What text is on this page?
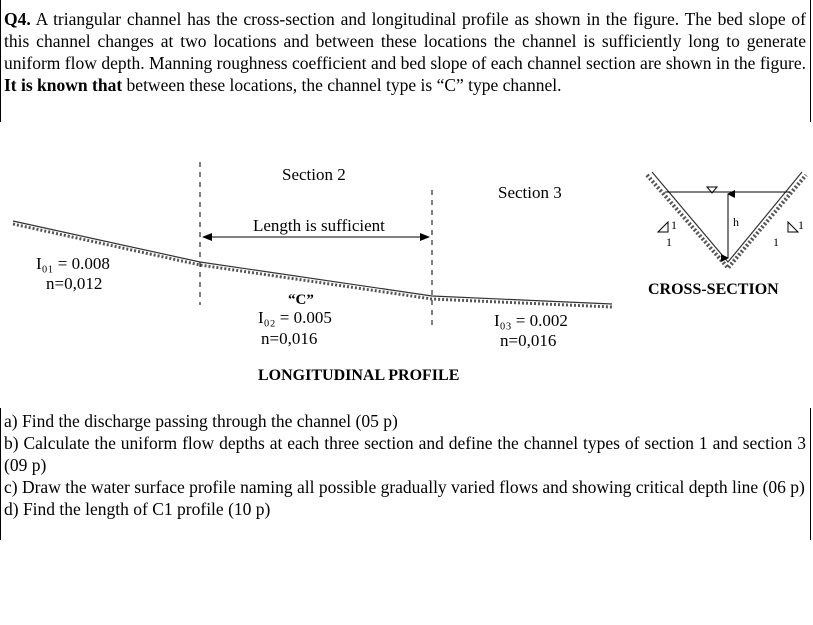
Q4. A triangular channel has the cross-section and longitudinal profile as shown in the figure. The bed slope of this channel changes at two locations and between these locations the channel is sufficiently long to generate uniform flow depth. Manning roughness coefficient and bed slope of each channel section are shown in the figure. It is known that between these locations, the channel type is “C” type channel.
Section 2
Section 3
Length is sufficient
I₀₁ = 0.008
n=0,012
“C”
I₀₂ = 0.005
n=0,016
I₀₃ = 0.002
n=0,016
LONGITUDINAL PROFILE
1
1
h	1
1
CROSS-SECTION
a) Find the discharge passing through the channel (05 p)
b) Calculate the uniform flow depths at each three section and define the channel types of section 1 and section 3 (09 p)
c) Draw the water surface profile naming all possible gradually varied flows and showing critical depth line (06 p)
d) Find the length of C1 profile (10 p)
